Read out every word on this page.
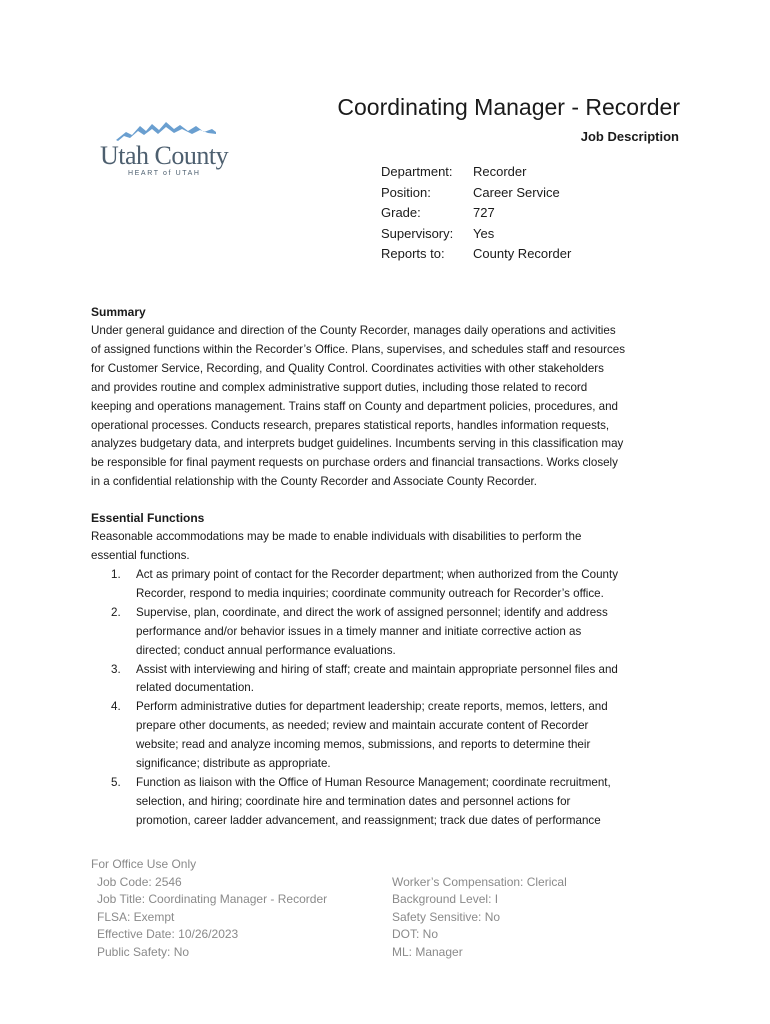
Utah County
HEART of UTAH
Coordinating Manager - Recorder
Job Description
Department:	Recorder
Position:	Career Service
Grade:	727
Supervisory:	Yes
Reports to:	County Recorder
Summary
Under general guidance and direction of the County Recorder, manages daily operations and activities
of assigned functions within the Recorder’s Office. Plans, supervises, and schedules staff and resources
for Customer Service, Recording, and Quality Control. Coordinates activities with other stakeholders
and provides routine and complex administrative support duties, including those related to record
keeping and operations management. Trains staff on County and department policies, procedures, and
operational processes. Conducts research, prepares statistical reports, handles information requests,
analyzes budgetary data, and interprets budget guidelines. Incumbents serving in this classification may
be responsible for final payment requests on purchase orders and financial transactions. Works closely
in a confidential relationship with the County Recorder and Associate County Recorder.
Essential Functions
Reasonable accommodations may be made to enable individuals with disabilities to perform the
essential functions.
1. Act as primary point of contact for the Recorder department; when authorized from the County
Recorder, respond to media inquiries; coordinate community outreach for Recorder’s office.
2. Supervise, plan, coordinate, and direct the work of assigned personnel; identify and address
performance and/or behavior issues in a timely manner and initiate corrective action as
directed; conduct annual performance evaluations.
3. Assist with interviewing and hiring of staff; create and maintain appropriate personnel files and
related documentation.
4. Perform administrative duties for department leadership; create reports, memos, letters, and
prepare other documents, as needed; review and maintain accurate content of Recorder
website; read and analyze incoming memos, submissions, and reports to determine their
significance; distribute as appropriate.
5. Function as liaison with the Office of Human Resource Management; coordinate recruitment,
selection, and hiring; coordinate hire and termination dates and personnel actions for
promotion, career ladder advancement, and reassignment; track due dates of performance
For Office Use Only
Job Code: 2546
Job Title: Coordinating Manager - Recorder
FLSA: Exempt
Effective Date: 10/26/2023
Public Safety: No
Worker’s Compensation: Clerical
Background Level: I
Safety Sensitive: No
DOT: No
ML: Manager
